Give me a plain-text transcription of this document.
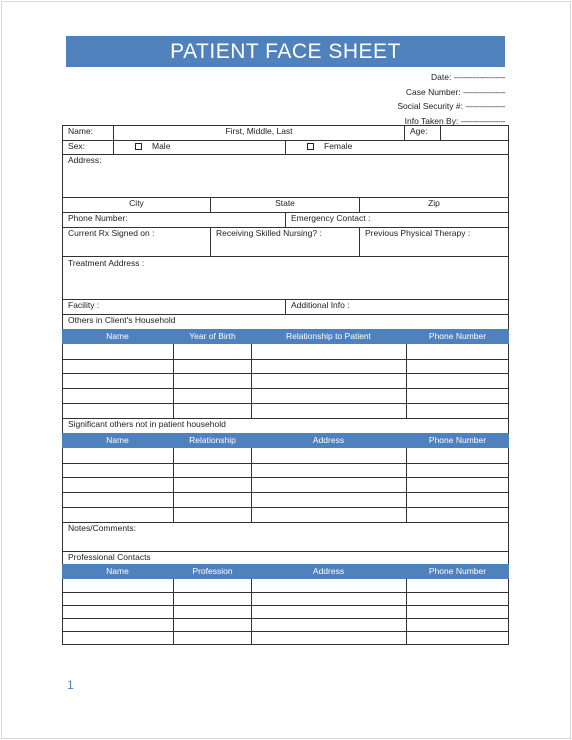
PATIENT FACE SHEET
Date: ----------------------
Case Number: ------------------
Social Security #: -----------------
Info Taken By: -------------------
Name:	First, Middle, Last	Age:
Sex:	Male	Female
Address:
City	State	Zip
Phone Number:	Emergency Contact :
Current Rx Signed on :	Receiving Skilled Nursing? :	Previous Physical Therapy :
Treatment Address :
Facility :	Additional Info :
Others in Client's Household
Name	Year of Birth	Relationship to Patient	Phone Number
Significant others not in patient household
Name	Relationship	Address	Phone Number
Notes/Comments:
Professional Contacts
Name	Profession	Address	Phone Number
1
